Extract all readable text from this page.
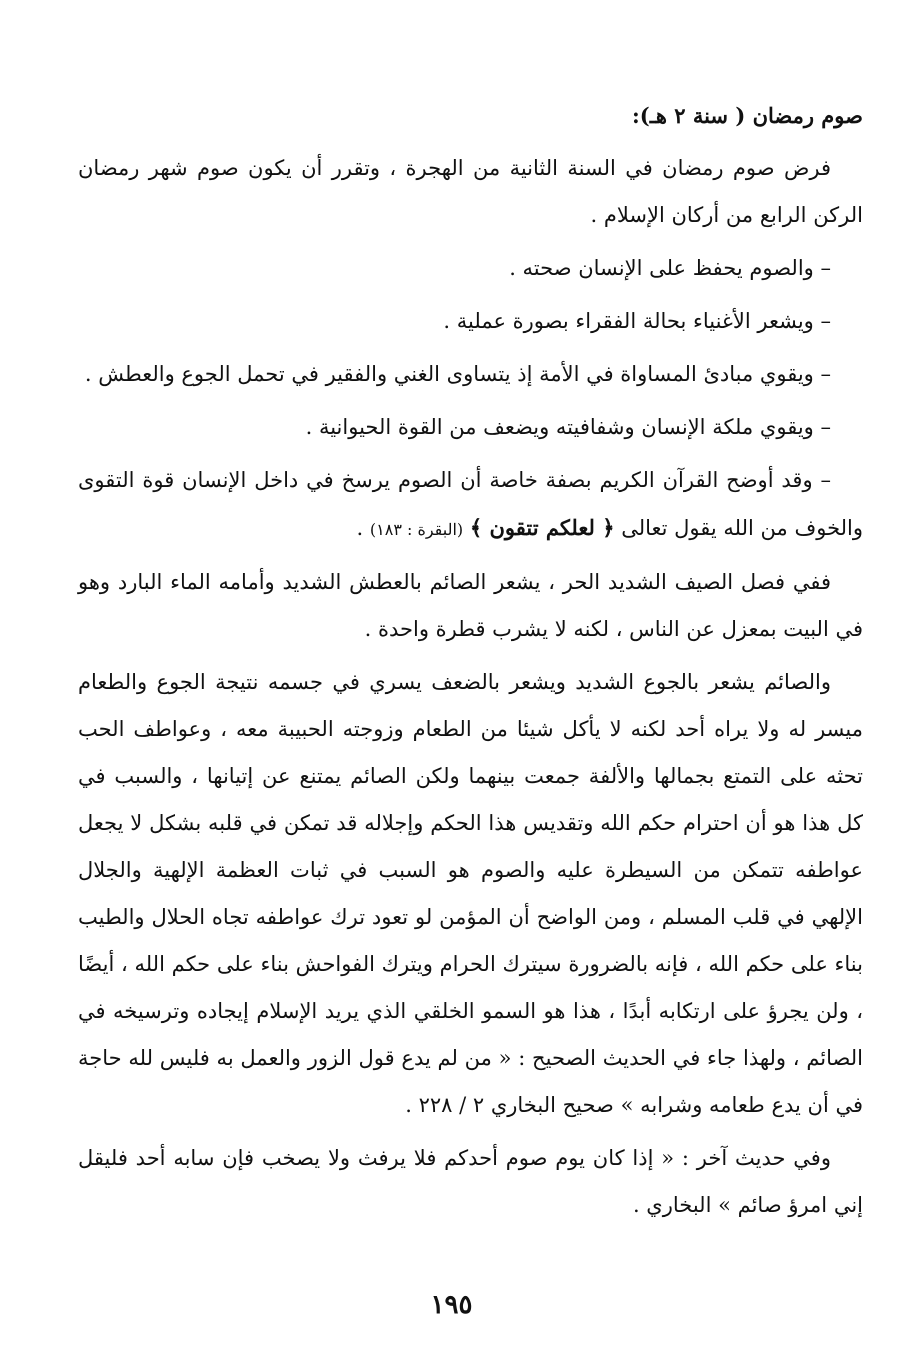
صوم رمضان ( سنة ٢ هـ):

فرض صوم رمضان في السنة الثانية من الهجرة ، وتقرر أن يكون صوم شهر رمضان الركن الرابع من أركان الإسلام .

– والصوم يحفظ على الإنسان صحته .

– ويشعر الأغنياء بحالة الفقراء بصورة عملية .

– ويقوي مبادئ المساواة في الأمة إذ يتساوى الغني والفقير في تحمل الجوع والعطش .

– ويقوي ملكة الإنسان وشفافيته ويضعف من القوة الحيوانية .

– وقد أوضح القرآن الكريم بصفة خاصة أن الصوم يرسخ في داخل الإنسان قوة التقوى والخوف من الله يقول تعالى ﴿ لعلكم تتقون ﴾ (البقرة : ١٨٣) .

ففي فصل الصيف الشديد الحر ، يشعر الصائم بالعطش الشديد وأمامه الماء البارد وهو في البيت بمعزل عن الناس ، لكنه لا يشرب قطرة واحدة .

والصائم يشعر بالجوع الشديد ويشعر بالضعف يسري في جسمه نتيجة الجوع والطعام ميسر له ولا يراه أحد لكنه لا يأكل شيئا من الطعام وزوجته الحبيبة معه ، وعواطف الحب تحثه على التمتع بجمالها والألفة جمعت بينهما ولكن الصائم يمتنع عن إتيانها ، والسبب في كل هذا هو أن احترام حكم الله وتقديس هذا الحكم وإجلاله قد تمكن في قلبه بشكل لا يجعل عواطفه تتمكن من السيطرة عليه والصوم هو السبب في ثبات العظمة الإلهية والجلال الإلهي في قلب المسلم ، ومن الواضح أن المؤمن لو تعود ترك عواطفه تجاه الحلال والطيب بناء على حكم الله ، فإنه بالضرورة سيترك الحرام ويترك الفواحش بناء على حكم الله ، أيضًا ، ولن يجرؤ على ارتكابه أبدًا ، هذا هو السمو الخلقي الذي يريد الإسلام إيجاده وترسيخه في الصائم ، ولهذا جاء في الحديث الصحيح : « من لم يدع قول الزور والعمل به فليس لله حاجة في أن يدع طعامه وشرابه » صحيح البخاري ٢ / ٢٢٨ .

وفي حديث آخر : « إذا كان يوم صوم أحدكم فلا يرفث ولا يصخب فإن سابه أحد فليقل إني امرؤ صائم » البخاري .

١٩٥
